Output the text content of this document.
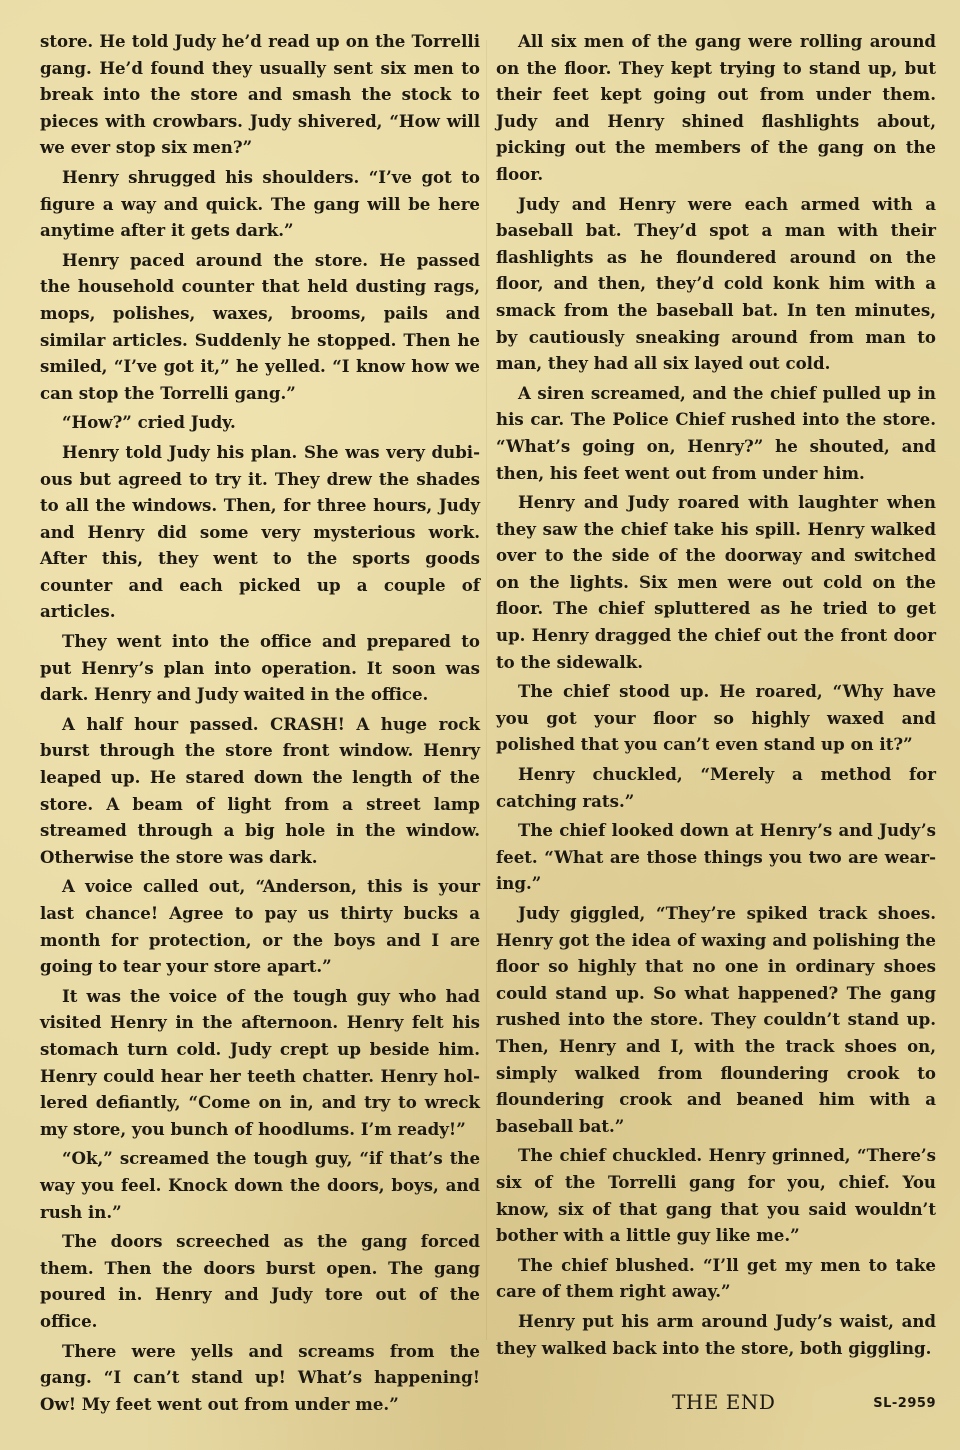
store. He told Judy he’d read up on the Torrelli gang. He’d found they usually sent six men to break into the store and smash the stock to pieces with crowbars. Judy shivered, “How will we ever stop six men?”

Henry shrugged his shoulders. “I’ve got to figure a way and quick. The gang will be here anytime after it gets dark.”

Henry paced around the store. He passed the household counter that held dusting rags, mops, polishes, waxes, brooms, pails and similar articles. Suddenly he stopped. Then he smiled, “I’ve got it,” he yelled. “I know how we can stop the Torrelli gang.”

“How?” cried Judy.

Henry told Judy his plan. She was very dubious but agreed to try it. They drew the shades to all the windows. Then, for three hours, Judy and Henry did some very mysterious work. After this, they went to the sports goods counter and each picked up a couple of articles.

They went into the office and prepared to put Henry’s plan into operation. It soon was dark. Henry and Judy waited in the office.

A half hour passed. CRASH! A huge rock burst through the store front window. Henry leaped up. He stared down the length of the store. A beam of light from a street lamp streamed through a big hole in the window. Otherwise the store was dark.

A voice called out, “Anderson, this is your last chance! Agree to pay us thirty bucks a month for protection, or the boys and I are going to tear your store apart.”

It was the voice of the tough guy who had visited Henry in the afternoon. Henry felt his stomach turn cold. Judy crept up beside him. Henry could hear her teeth chatter. Henry hollered defiantly, “Come on in, and try to wreck my store, you bunch of hoodlums. I’m ready!”

“Ok,” screamed the tough guy, “if that’s the way you feel. Knock down the doors, boys, and rush in.”

The doors screeched as the gang forced them. Then the doors burst open. The gang poured in. Henry and Judy tore out of the office.

There were yells and screams from the gang. “I can’t stand up! What’s happening! Ow! My feet went out from under me.”

All six men of the gang were rolling around on the floor. They kept trying to stand up, but their feet kept going out from under them. Judy and Henry shined flashlights about, picking out the members of the gang on the floor.

Judy and Henry were each armed with a baseball bat. They’d spot a man with their flashlights as he floundered around on the floor, and then, they’d cold konk him with a smack from the baseball bat. In ten minutes, by cautiously sneaking around from man to man, they had all six layed out cold.

A siren screamed, and the chief pulled up in his car. The Police Chief rushed into the store. “What’s going on, Henry?” he shouted, and then, his feet went out from under him.

Henry and Judy roared with laughter when they saw the chief take his spill. Henry walked over to the side of the doorway and switched on the lights. Six men were out cold on the floor. The chief spluttered as he tried to get up. Henry dragged the chief out the front door to the sidewalk.

The chief stood up. He roared, “Why have you got your floor so highly waxed and polished that you can’t even stand up on it?”

Henry chuckled, “Merely a method for catching rats.”

The chief looked down at Henry’s and Judy’s feet. “What are those things you two are wearing.”

Judy giggled, “They’re spiked track shoes. Henry got the idea of waxing and polishing the floor so highly that no one in ordinary shoes could stand up. So what happened? The gang rushed into the store. They couldn’t stand up. Then, Henry and I, with the track shoes on, simply walked from floundering crook to floundering crook and beaned him with a baseball bat.”

The chief chuckled. Henry grinned, “There’s six of the Torrelli gang for you, chief. You know, six of that gang that you said wouldn’t bother with a little guy like me.”

The chief blushed. “I’ll get my men to take care of them right away.”

Henry put his arm around Judy’s waist, and they walked back into the store, both giggling.

THE END	SL-2959
